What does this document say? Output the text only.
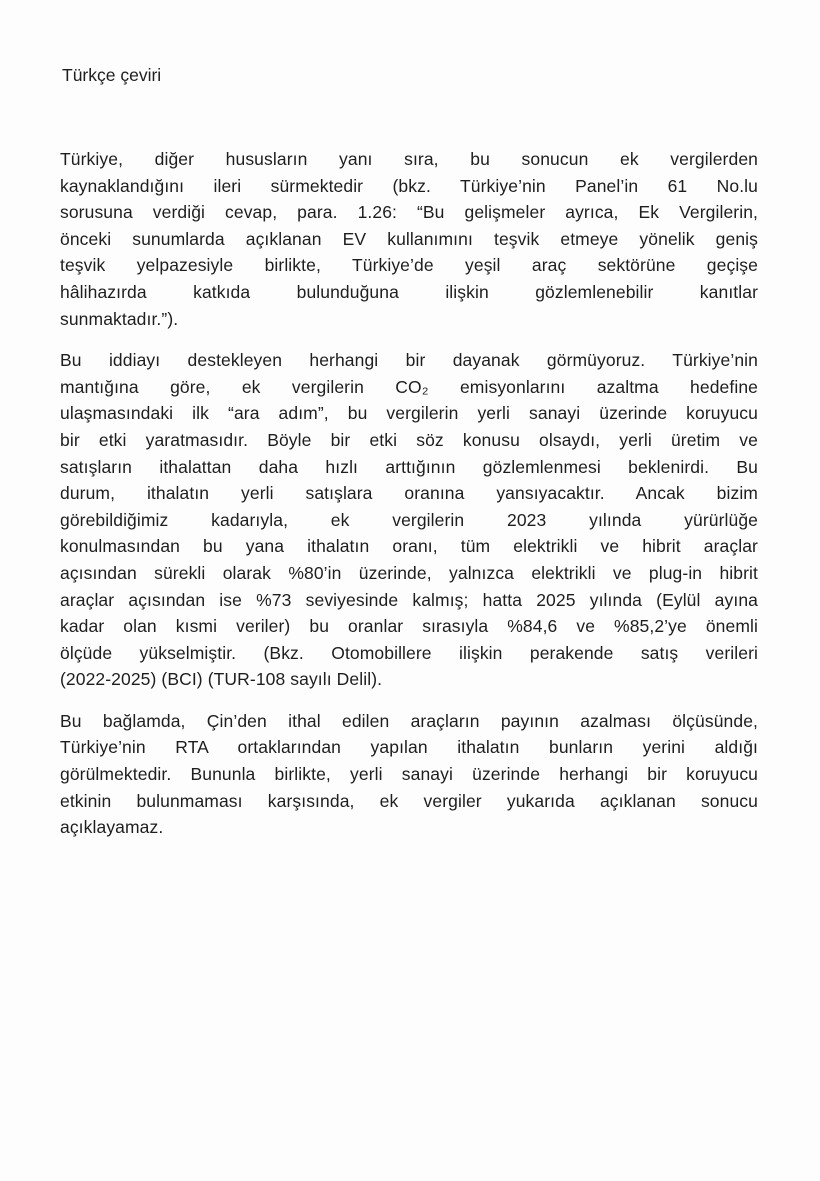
Türkçe çeviri

Türkiye, diğer hususların yanı sıra, bu sonucun ek vergilerden
kaynaklandığını ileri sürmektedir (bkz. Türkiye’nin Panel’in 61 No.lu
sorusuna verdiği cevap, para. 1.26: “Bu gelişmeler ayrıca, Ek Vergilerin,
önceki sunumlarda açıklanan EV kullanımını teşvik etmeye yönelik geniş
teşvik yelpazesiyle birlikte, Türkiye’de yeşil araç sektörüne geçişe
hâlihazırda katkıda bulunduğuna ilişkin gözlemlenebilir kanıtlar
sunmaktadır.”).

Bu iddiayı destekleyen herhangi bir dayanak görmüyoruz. Türkiye’nin
mantığına göre, ek vergilerin CO₂ emisyonlarını azaltma hedefine
ulaşmasındaki ilk “ara adım”, bu vergilerin yerli sanayi üzerinde koruyucu
bir etki yaratmasıdır. Böyle bir etki söz konusu olsaydı, yerli üretim ve
satışların ithalattan daha hızlı arttığının gözlemlenmesi beklenirdi. Bu
durum, ithalatın yerli satışlara oranına yansıyacaktır. Ancak bizim
görebildiğimiz kadarıyla, ek vergilerin 2023 yılında yürürlüğe
konulmasından bu yana ithalatın oranı, tüm elektrikli ve hibrit araçlar
açısından sürekli olarak %80’in üzerinde, yalnızca elektrikli ve plug-in hibrit
araçlar açısından ise %73 seviyesinde kalmış; hatta 2025 yılında (Eylül ayına
kadar olan kısmi veriler) bu oranlar sırasıyla %84,6 ve %85,2’ye önemli
ölçüde yükselmiştir. (Bkz. Otomobillere ilişkin perakende satış verileri
(2022-2025) (BCI) (TUR-108 sayılı Delil).

Bu bağlamda, Çin’den ithal edilen araçların payının azalması ölçüsünde,
Türkiye’nin RTA ortaklarından yapılan ithalatın bunların yerini aldığı
görülmektedir. Bununla birlikte, yerli sanayi üzerinde herhangi bir koruyucu
etkinin bulunmaması karşısında, ek vergiler yukarıda açıklanan sonucu
açıklayamaz.
